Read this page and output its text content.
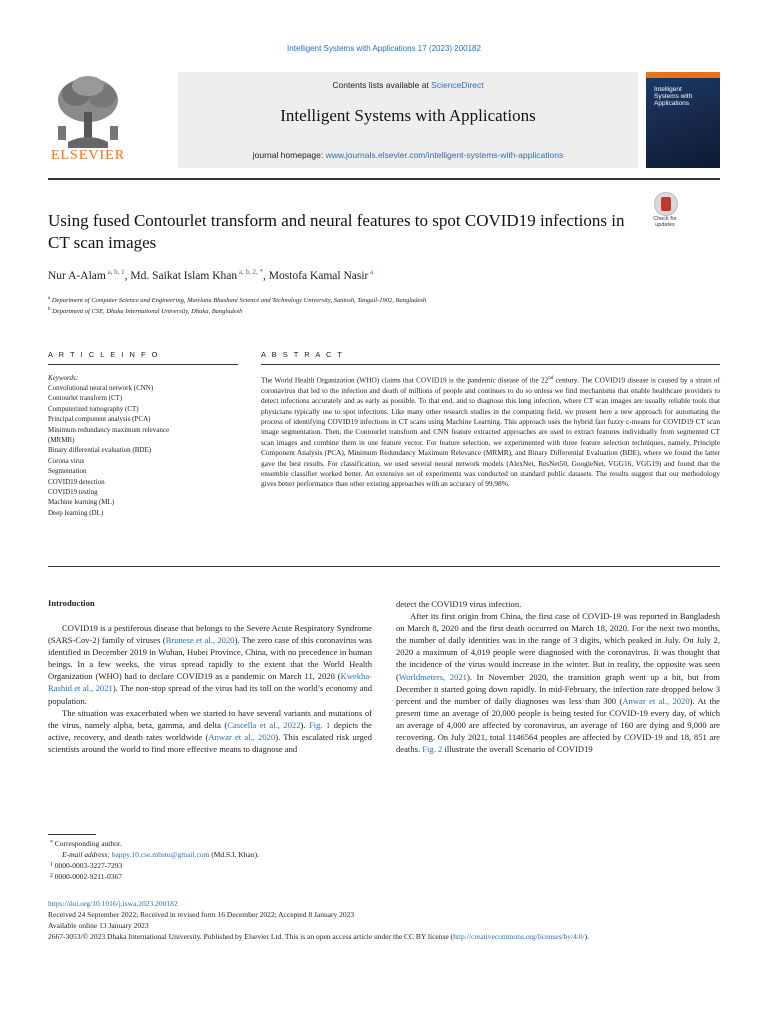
Intelligent Systems with Applications 17 (2023) 200182
ELSEVIER
Contents lists available at ScienceDirect
Intelligent Systems with Applications
journal homepage: www.journals.elsevier.com/intelligent-systems-with-applications
Intelligent Systems with Applications
Using fused Contourlet transform and neural features to spot COVID19 infections in CT scan images
Check for updates
Nur A-Alam $^{a, b, 1}$, Md. Saikat Islam Khan $^{a, b, 2, *}$, Mostofa Kamal Nasir $^a$
$^a$ Department of Computer Science and Engineering, Mawlana Bhashani Science and Technology University, Santosh, Tangail-1902, Bangladesh
$^b$ Department of CSE, Dhaka International University, Dhaka, Bangladesh
A R T I C L E I N F O	A B S T R A C T
Keywords:
Convolutional neural network (CNN)
Contourlet transform (CT)
Computerized tomography (CT)
Principal component analysis (PCA)
Minimum redundancy maximum relevance
(MRMR)
Binary differential evaluation (BDE)
Corona virus
Segmentation
COVID19 detection
COVID19 testing
Machine learning (ML)
Deep learning (DL)
The World Health Organization (WHO) claims that COVID19 is the pandemic disease of the 22nd century. The COVID19 disease is caused by a strain of coronavirus that led to the infection and death of millions of people and continues to do so unless we find mechanisms that enable healthcare providers to detect infections accurately and as early as possible. To that end, and to diagnose this lung infection, where CT scan images are usually reliable tools that physicians typically use to spot infections. Like many other research studies in the computing field, we present here a new approach for automating the process of identifying COVID19 infections in CT scans using Machine Learning. This approach uses the hybrid fast fuzzy c-means for COVID19 CT scan image segmentation. Then, the Contourlet transform and CNN feature extracted approaches are used to extract features individually from segmented CT scan images and combine them in one feature vector. For feature selection, we experimented with three feature selection techniques, namely, Principle Component Analysis (PCA), Minimum Redundancy Maximum Relevance (MRMR), and Binary Differential Evaluation (BDE), where we found the latter gave the best results. For classification, we used several neural network models (AlexNet, ResNet50, GoogleNet, VGG16, VGG19) and found that the ensemble classifier worked better. An extensive set of experiments was conducted on standard public datasets. The results suggest that our methodology gives better performance than other existing approaches with an accuracy of 99.98%.
Introduction

COVID19 is a pestiferous disease that belongs to the Severe Acute Respiratory Syndrome (SARS-Cov-2) family of viruses (Brunese et al., 2020). The zero case of this coronavirus was identified in December 2019 in Wuhan, Hubei Province, China, with no precedence in human beings. In a few weeks, the virus spread rapidly to the extent that the World Health Organization (WHO) had to declare COVID19 as a pandemic on March 11, 2020 (Kwekha-Rashid et al., 2021). The non-stop spread of the virus had its toll on the world’s economy and population.

The situation was exacerbated when we started to have several variants and mutations of the virus, namely alpha, beta, gamma, and delta (Cascella et al., 2022). Fig. 1 depicts the active, recovery, and death rates worldwide (Anwar et al., 2020). This escalated risk urged scientists around the world to find more effective means to diagnose and

detect the COVID19 virus infection.

After its first origin from China, the first case of COVID-19 was reported in Bangladesh on March 8, 2020 and the first death occurred on March 18, 2020. For the next two months, the number of daily identities was in the range of 3 digits, which peaked in July. On July 2, 2020 a maximum of 4,019 people were diagnosed with the coronavirus. It was thought that the incidence of the virus would increase in the winter. But in reality, the opposite was seen (Worldmeters, 2021). In November 2020, the transition graph went up a bit, but from December it started going down rapidly. In mid-February, the infection rate dropped below 3 percent and the number of daily diagnoses was less than 300 (Anwar et al., 2020). At the present time an average of 20,000 people is being tested for COVID-19 every day, of which an average of 4,000 are affected by coronavirus, an average of 160 are dying and 9,000 are recovering. On July 2021, total 1146564 peoples are affected by COVID-19 and 18, 851 are deaths. Fig. 2 illustrate the overall Scenario of COVID19

* Corresponding author.
E-mail address: bappy.10.cse.mbstu@gmail.com (Md.S.I. Khan).
$^1$ 0000-0003-3227-7293
$^2$ 0000-0002-9211-0367
https://doi.org/10.1016/j.iswa.2023.200182
Received 24 September 2022; Received in revised form 16 December 2022; Accepted 8 January 2023
Available online 13 January 2023
2667-3053/© 2023 Dhaka International University. Published by Elsevier Ltd. This is an open access article under the CC BY license (http://creativecommons.org/licenses/by/4.0/).
